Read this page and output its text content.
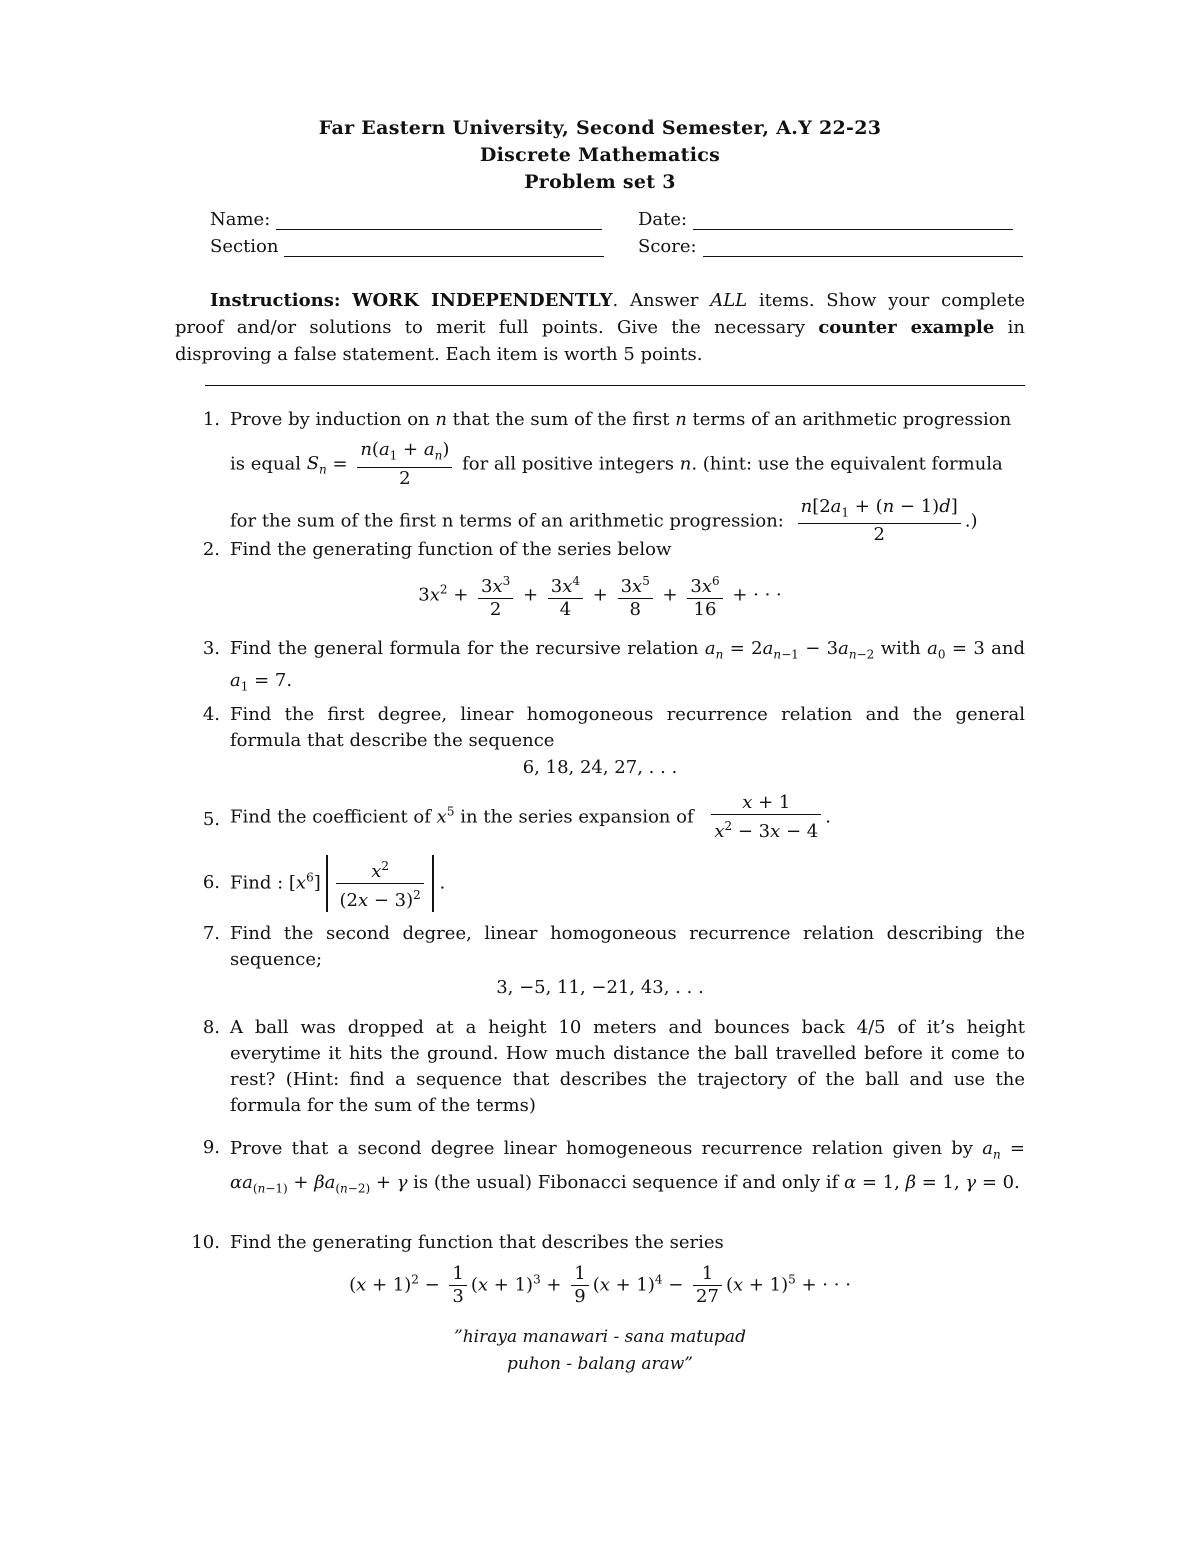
Far Eastern University, Second Semester, A.Y 22-23
Discrete Mathematics
Problem set 3
Name:	Date:
Section	Score:
Instructions: WORK INDEPENDENTLY. Answer ALL items. Show your complete proof and/or solutions to merit full points. Give the necessary counter example in disproving a false statement. Each item is worth 5 points.
1. Prove by induction on n that the sum of the first n terms of an arithmetic progression
is equal $S_n = \frac{n(a_1 + a_n)}{2}$ for all positive integers n. (hint: use the equivalent formula
for the sum of the first n terms of an arithmetic progression: $\frac{n[2a_1 + (n - 1)d]}{2}$ .)
2. Find the generating function of the series below
$3x^2 + \frac{3x^3}{2} + \frac{3x^4}{4} + \frac{3x^5}{8} + \frac{3x^6}{16}$ + · · ·
3. Find the general formula for the recursive relation $a_n = 2a_{n-1} - 3a_{n-2}$ with $a_0 = 3$ and $a_1 = 7$.
4. Find the first degree, linear homogoneous recurrence relation and the general formula that describe the sequence
6, 18, 24, 27, . . .
5. Find the coefficient of $x^5$ in the series expansion of $\frac{x + 1}{x^2 - 3x - 4}$ .
6. Find : $[x^6] \frac{x^2}{(2x - 3)^2}$ .
7. Find the second degree, linear homogoneous recurrence relation describing the sequence;
3, −5, 11, −21, 43, . . .
8. A ball was dropped at a height 10 meters and bounces back 4/5 of it’s height everytime it hits the ground. How much distance the ball travelled before it come to rest? (Hint: find a sequence that describes the trajectory of the ball and use the formula for the sum of the terms)
9. Prove that a second degree linear homogeneous recurrence relation given by $a_n = \alpha a_{(n-1)} + \beta a_{(n-2)} + \gamma$ is (the usual) Fibonacci sequence if and only if α = 1, β = 1, γ = 0.
10. Find the generating function that describes the series
$(x + 1)^2 - \frac{1}{3} (x + 1)^3 + \frac{1}{9} (x + 1)^4 - \frac{1}{27} (x + 1)^5$ + · · ·
”hiraya manawari - sana matupad
puhon - balang araw”
